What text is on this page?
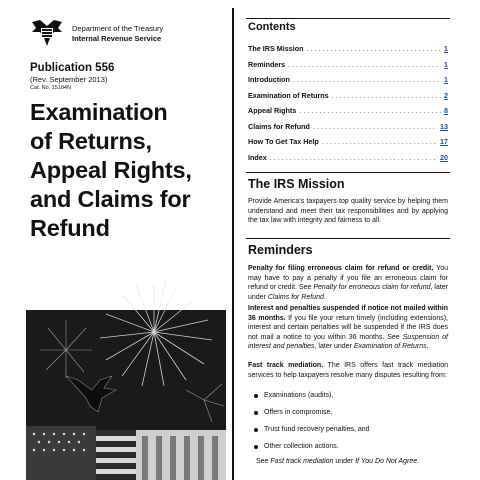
Department of the Treasury
Internal Revenue Service
Publication 556
(Rev. September 2013)
Cat. No. 15104N
Examination
of Returns,
Appeal Rights,
and Claims for
Refund
Contents
The IRS Mission .....	1
Reminders .....	1
Introduction .....	1
Examination of Returns .....	2
Appeal Rights .....	8
Claims for Refund .....	13
How To Get Tax Help .....	17
Index .....	20
The IRS Mission
Provide America's taxpayers top quality service by helping them understand and meet their tax responsibilities and by applying the tax law with integrity and fairness to all.
Reminders
Penalty for filing erroneous claim for refund or credit. You may have to pay a penalty if you file an erroneous claim for refund or credit. See Penalty for erroneous claim for refund, later under Claims for Refund.
Interest and penalties suspended if notice not mailed within 36 months. If you file your return timely (including extensions), interest and certain penalties will be suspended if the IRS does not mail a notice to you within 36 months. See Suspension of interest and penalties, later under Examination of Returns.
Fast track mediation. The IRS offers fast track mediation services to help taxpayers resolve many disputes resulting from:
Examinations (audits),
Offers in compromise,
Trust fund recovery penalties, and
Other collection actions.
See Fast track mediation under If You Do Not Agree.
